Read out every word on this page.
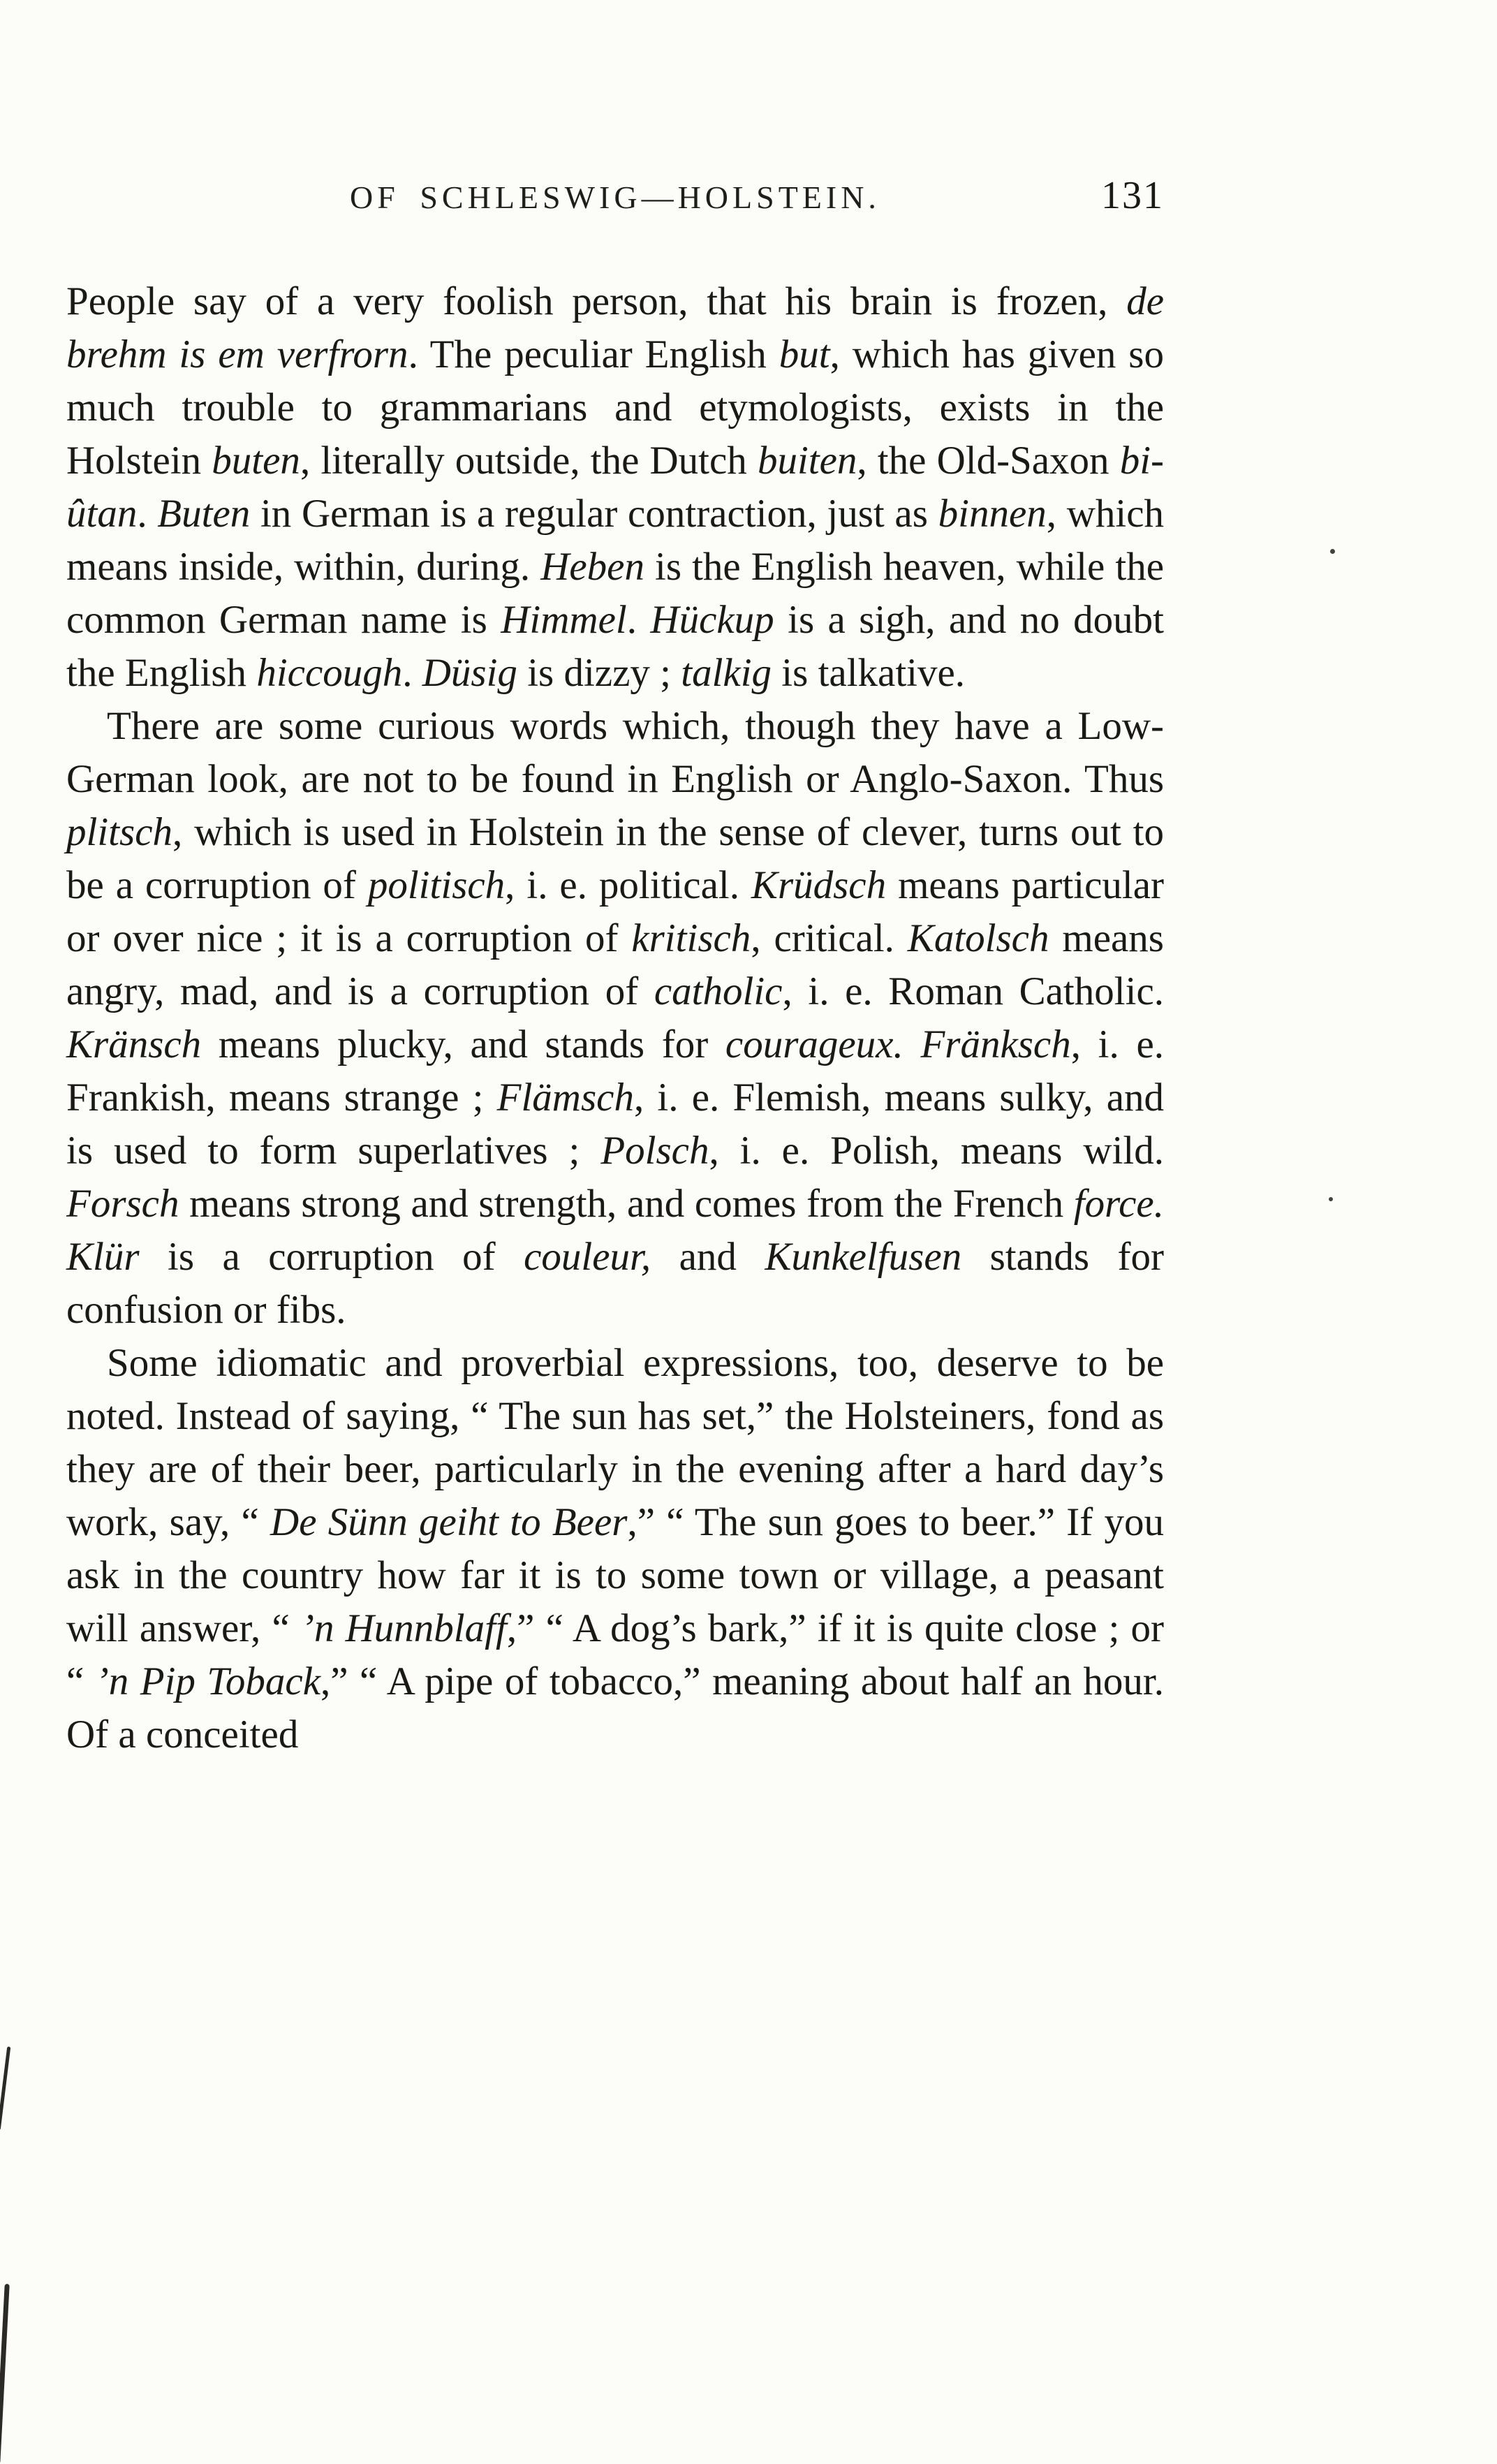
OF SCHLESWIG—HOLSTEIN.	131

People say of a very foolish person, that his brain is frozen, de brehm is em verfrorn. The peculiar English but, which has given so much trouble to grammarians and etymologists, exists in the Holstein buten, literally outside, the Dutch buiten, the Old-Saxon bi-ûtan. Buten in German is a regular contraction, just as binnen, which means inside, within, during. Heben is the English heaven, while the common German name is Himmel. Hückup is a sigh, and no doubt the English hiccough. Düsig is dizzy ; talkig is talkative.

There are some curious words which, though they have a Low-German look, are not to be found in English or Anglo-Saxon. Thus plitsch, which is used in Holstein in the sense of clever, turns out to be a corruption of politisch, i. e. political. Krüdsch means particular or over nice ; it is a corruption of kritisch, critical. Katolsch means angry, mad, and is a corruption of catholic, i. e. Roman Catholic. Kränsch means plucky, and stands for courageux. Fränksch, i. e. Frankish, means strange ; Flämsch, i. e. Flemish, means sulky, and is used to form superlatives ; Polsch, i. e. Polish, means wild. Forsch means strong and strength, and comes from the French force. Klür is a corruption of couleur, and Kunkelfusen stands for confusion or fibs.

Some idiomatic and proverbial expressions, too, deserve to be noted. Instead of saying, “ The sun has set,” the Holsteiners, fond as they are of their beer, particularly in the evening after a hard day’s work, say, “ De Sünn geiht to Beer,” “ The sun goes to beer.” If you ask in the country how far it is to some town or village, a peasant will answer, “ ’n Hunnblaff,” “ A dog’s bark,” if it is quite close ; or “ ’n Pip Toback,” “ A pipe of tobacco,” meaning about half an hour. Of a conceited
